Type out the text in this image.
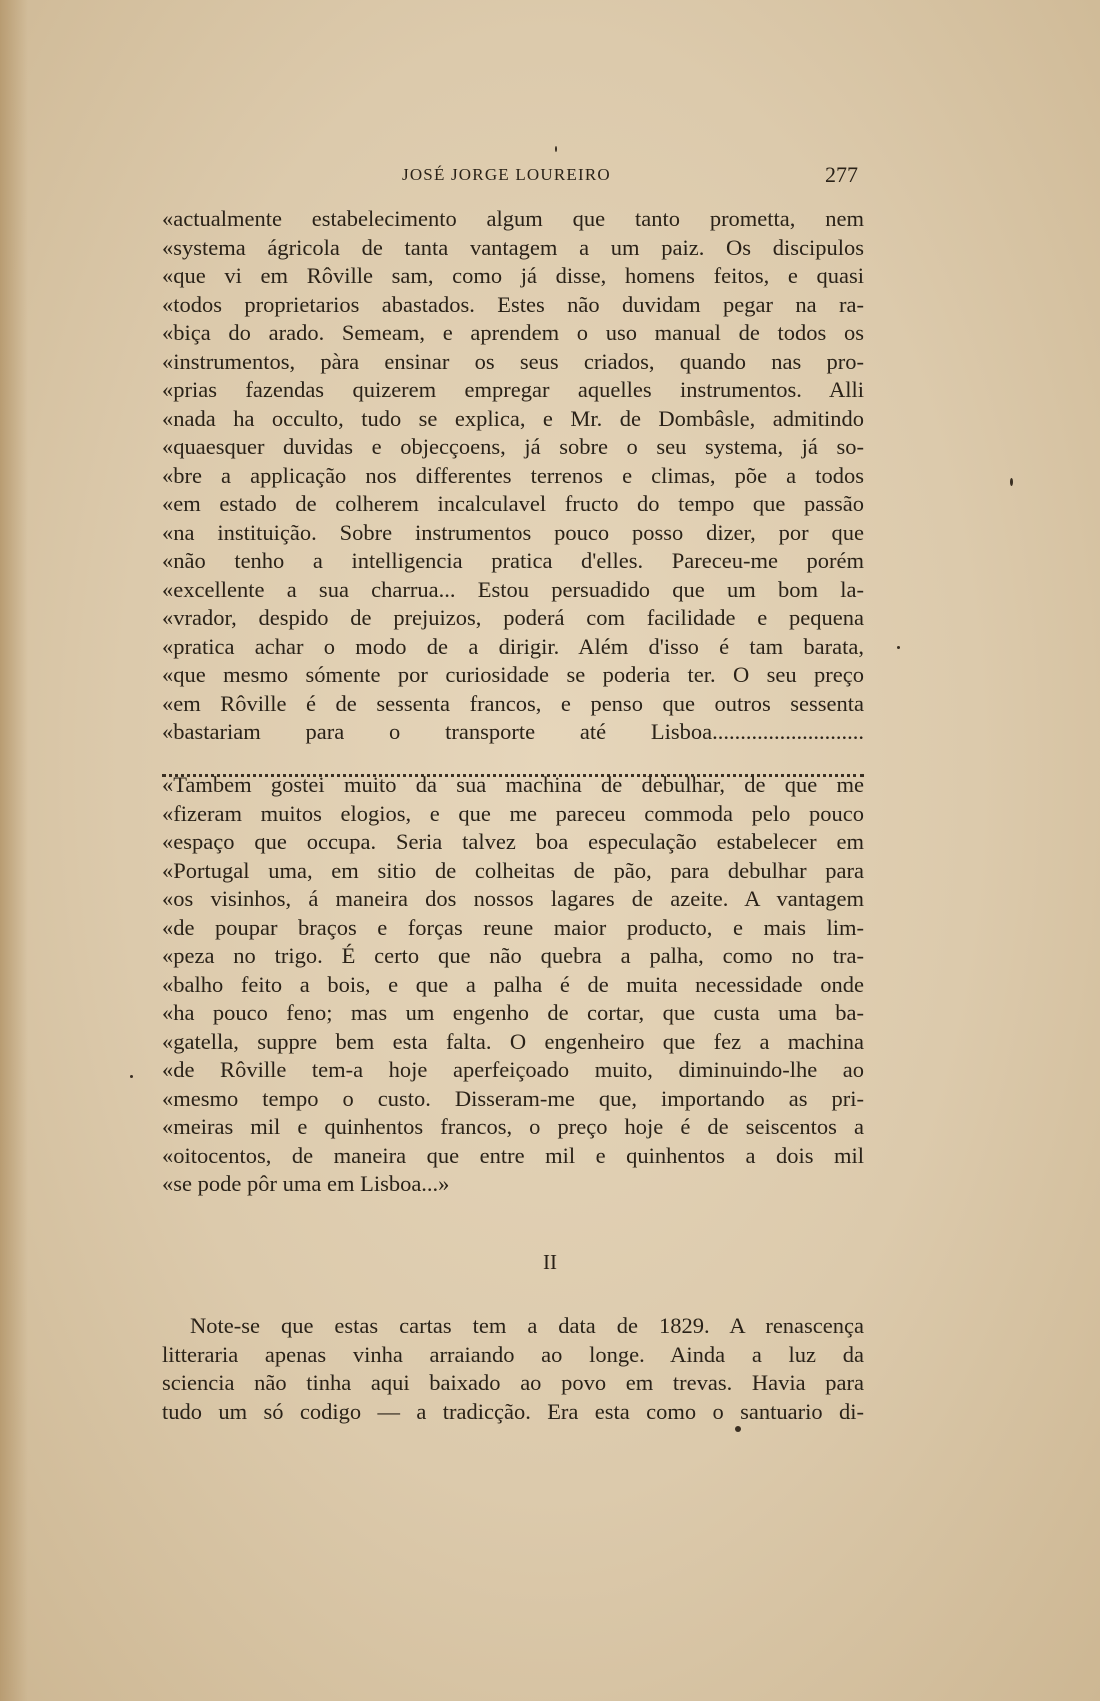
JOSÉ JORGE LOUREIRO	277
«actualmente estabelecimento algum que tanto prometta, nem
«systema ágricola de tanta vantagem a um paiz. Os discipulos
«que vi em Rôville sam, como já disse, homens feitos, e quasi
«todos proprietarios abastados. Estes não duvidam pegar na ra-
«biça do arado. Semeam, e aprendem o uso manual de todos os
«instrumentos, pàra ensinar os seus criados, quando nas pro-
«prias fazendas quizerem empregar aquelles instrumentos. Alli
«nada ha occulto, tudo se explica, e Mr. de Dombâsle, admitindo
«quaesquer duvidas e objecçoens, já sobre o seu systema, já so-
«bre a applicação nos differentes terrenos e climas, põe a todos
«em estado de colherem incalculavel fructo do tempo que passão
«na instituição. Sobre instrumentos pouco posso dizer, por que
«não tenho a intelligencia pratica d'elles. Pareceu-me porém
«excellente a sua charrua... Estou persuadido que um bom la-
«vrador, despido de prejuizos, poderá com facilidade e pequena
«pratica achar o modo de a dirigir. Além d'isso é tam barata,
«que mesmo sómente por curiosidade se poderia ter. O seu preço
«em Rôville é de sessenta francos, e penso que outros sessenta
«bastariam para o transporte até Lisboa...........................
«Tambem gostei muito da sua machina de debulhar, de que me
«fizeram muitos elogios, e que me pareceu commoda pelo pouco
«espaço que occupa. Seria talvez boa especulação estabelecer em
«Portugal uma, em sitio de colheitas de pão, para debulhar para
«os visinhos, á maneira dos nossos lagares de azeite. A vantagem
«de poupar braços e forças reune maior producto, e mais lim-
«peza no trigo. É certo que não quebra a palha, como no tra-
«balho feito a bois, e que a palha é de muita necessidade onde
«ha pouco feno; mas um engenho de cortar, que custa uma ba-
«gatella, suppre bem esta falta. O engenheiro que fez a machina
«de Rôville tem-a hoje aperfeiçoado muito, diminuindo-lhe ao
«mesmo tempo o custo. Disseram-me que, importando as pri-
«meiras mil e quinhentos francos, o preço hoje é de seiscentos a
«oitocentos, de maneira que entre mil e quinhentos a dois mil
«se pode pôr uma em Lisboa...»
II
Note-se que estas cartas tem a data de 1829. A renascença
litteraria apenas vinha arraiando ao longe. Ainda a luz da
sciencia não tinha aqui baixado ao povo em trevas. Havia para
tudo um só codigo — a tradicção. Era esta como o santuario di-
